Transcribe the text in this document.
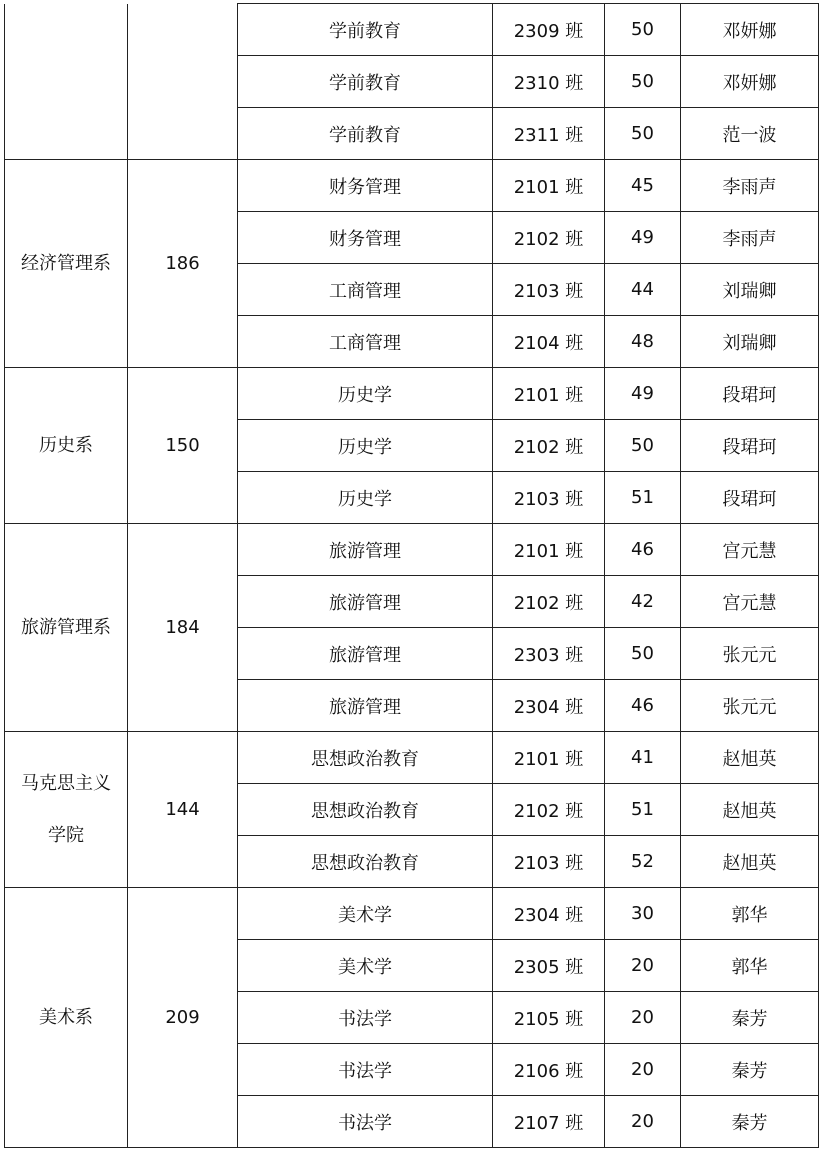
		学前教育	2309 班	50	邓妍娜
		学前教育	2310 班	50	邓妍娜
		学前教育	2311 班	50	范一波
经济管理系	186	财务管理	2101 班	45	李雨声
		财务管理	2102 班	49	李雨声
		工商管理	2103 班	44	刘瑞卿
		工商管理	2104 班	48	刘瑞卿
历史系	150	历史学	2101 班	49	段珺珂
		历史学	2102 班	50	段珺珂
		历史学	2103 班	51	段珺珂
旅游管理系	184	旅游管理	2101 班	46	宫元慧
		旅游管理	2102 班	42	宫元慧
		旅游管理	2303 班	50	张元元
		旅游管理	2304 班	46	张元元
马克思主义学院	144	思想政治教育	2101 班	41	赵旭英
		思想政治教育	2102 班	51	赵旭英
		思想政治教育	2103 班	52	赵旭英
美术系	209	美术学	2304 班	30	郭华
		美术学	2305 班	20	郭华
		书法学	2105 班	20	秦芳
		书法学	2106 班	20	秦芳
		书法学	2107 班	20	秦芳
